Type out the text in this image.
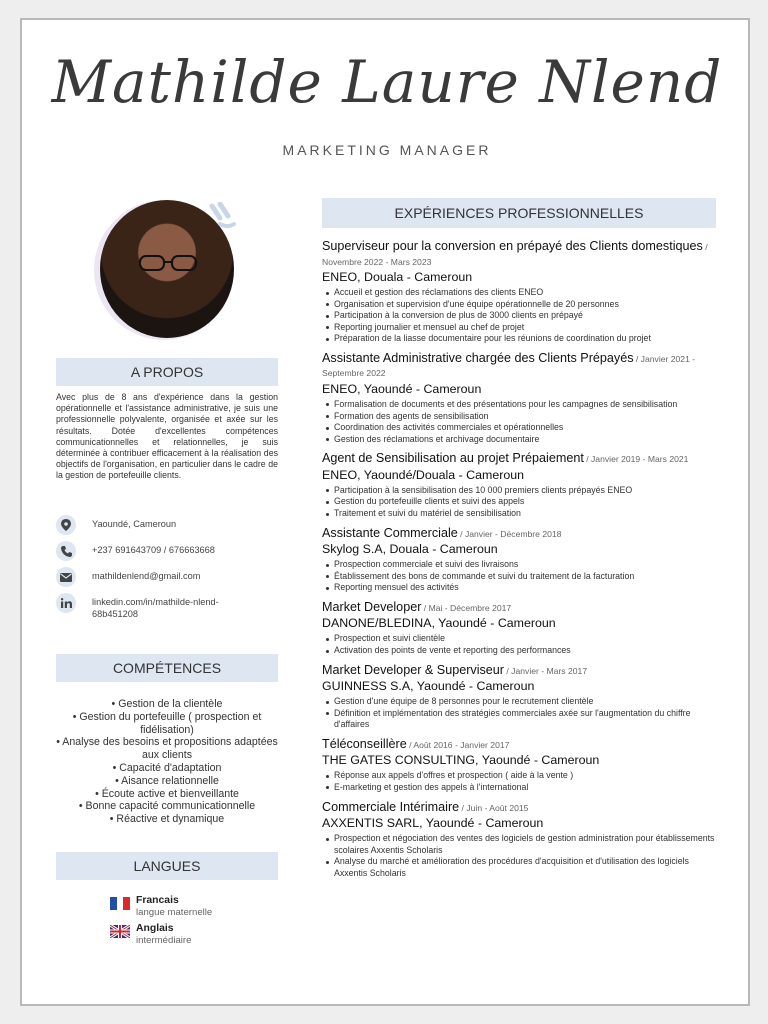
Mathilde Laure Nlend
MARKETING MANAGER
A PROPOS
Avec plus de 8 ans d'expérience dans la gestion opérationnelle et l'assistance administrative, je suis une professionnelle polyvalente, organisée et axée sur les résultats. Dotée d'excellentes compétences communicationnelles et relationnelles, je suis déterminée à contribuer efficacement à la réalisation des objectifs de l'organisation, en particulier dans le cadre de la gestion de portefeuille clients.
Yaoundé, Cameroun
+237 691643709 / 676663668
mathildenlend@gmail.com
linkedin.com/in/mathilde-nlend-68b451208
COMPÉTENCES
• Gestion de la clientèle
• Gestion du portefeuille ( prospection et fidélisation)
• Analyse des besoins et propositions adaptées aux clients
• Capacité d'adaptation
• Aisance relationnelle
• Écoute active et bienveillante
• Bonne capacité communicationnelle
• Réactive et dynamique
LANGUES
Francais
langue maternelle
Anglais
intermédiaire
EXPÉRIENCES PROFESSIONNELLES
Superviseur pour la conversion en prépayé des Clients domestiques / Novembre 2022 - Mars 2023
ENEO, Douala - Cameroun
Accueil et gestion des réclamations des clients ENEO
Organisation et supervision d'une équipe opérationnelle de 20 personnes
Participation à la conversion de plus de 3000 clients en prépayé
Reporting journalier et mensuel au chef de projet
Préparation de la liasse documentaire pour les réunions de coordination du projet
Assistante Administrative chargée des Clients Prépayés / Janvier 2021 - Septembre 2022
ENEO, Yaoundé - Cameroun
Formalisation de documents et des présentations pour les campagnes de sensibilisation
Formation des agents de sensibilisation
Coordination des activités commerciales et opérationnelles
Gestion des réclamations et archivage documentaire
Agent de Sensibilisation au projet Prépaiement / Janvier 2019 - Mars 2021
ENEO, Yaoundé/Douala - Cameroun
Participation à la sensibilisation des 10 000 premiers clients prépayés ENEO
Gestion du portefeuille clients et suivi des appels
Traitement et suivi du matériel de sensibilisation
Assistante Commerciale / Janvier - Décembre 2018
Skylog S.A, Douala - Cameroun
Prospection commerciale et suivi des livraisons
Établissement des bons de commande et suivi du traitement de la facturation
Reporting mensuel des activités
Market Developer / Mai - Décembre 2017
DANONE/BLEDINA, Yaoundé - Cameroun
Prospection et suivi clientèle
Activation des points de vente et reporting des performances
Market Developer & Superviseur / Janvier - Mars 2017
GUINNESS S.A, Yaoundé - Cameroun
Gestion d'une équipe de 8 personnes pour le recrutement clientèle
Définition et implémentation des stratégies commerciales axée sur l'augmentation du chiffre d'affaires
Téléconseillère / Août 2016 - Janvier 2017
THE GATES CONSULTING, Yaoundé - Cameroun
Réponse aux appels d'offres et prospection ( aide à la vente )
E-marketing et gestion des appels à l'international
Commerciale Intérimaire / Juin - Août 2015
AXXENTIS SARL, Yaoundé - Cameroun
Prospection et négociation des ventes des logiciels de gestion administration pour établissements scolaires Axxentis Scholaris
Analyse du marché et amélioration des procédures d'acquisition et d'utilisation des logiciels Axxentis Scholaris
